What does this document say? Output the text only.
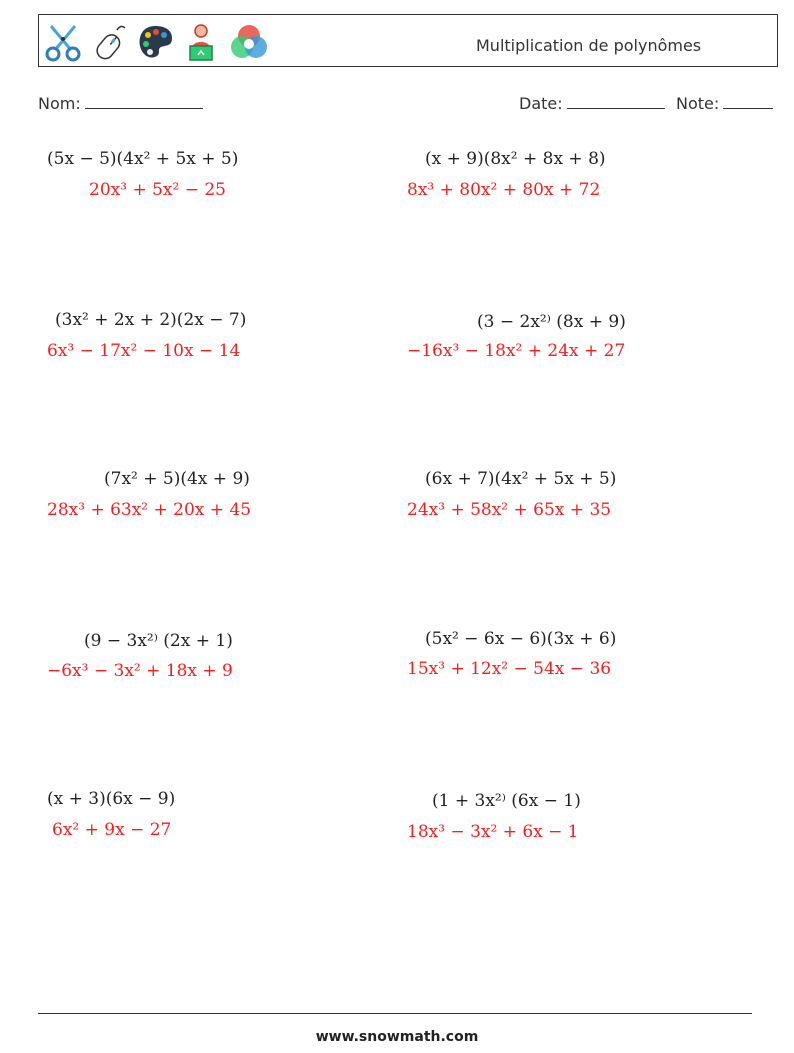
Multiplication de polynômes
Nom:	Date:	Note:
(5x − 5)(4x² + 5x + 5)
20x³ + 5x² − 25
(x + 9)(8x² + 8x + 8)
8x³ + 80x² + 80x + 72
(3x² + 2x + 2)(2x − 7)
6x³ − 17x² − 10x − 14
(3 − 2x²⁾ (8x + 9)
−16x³ − 18x² + 24x + 27
(7x² + 5)(4x + 9)
28x³ + 63x² + 20x + 45
(6x + 7)(4x² + 5x + 5)
24x³ + 58x² + 65x + 35
(9 − 3x²⁾ (2x + 1)
−6x³ − 3x² + 18x + 9
(5x² − 6x − 6)(3x + 6)
15x³ + 12x² − 54x − 36
(x + 3)(6x − 9)
6x² + 9x − 27
(1 + 3x²⁾ (6x − 1)
18x³ − 3x² + 6x − 1
www.snowmath.com
